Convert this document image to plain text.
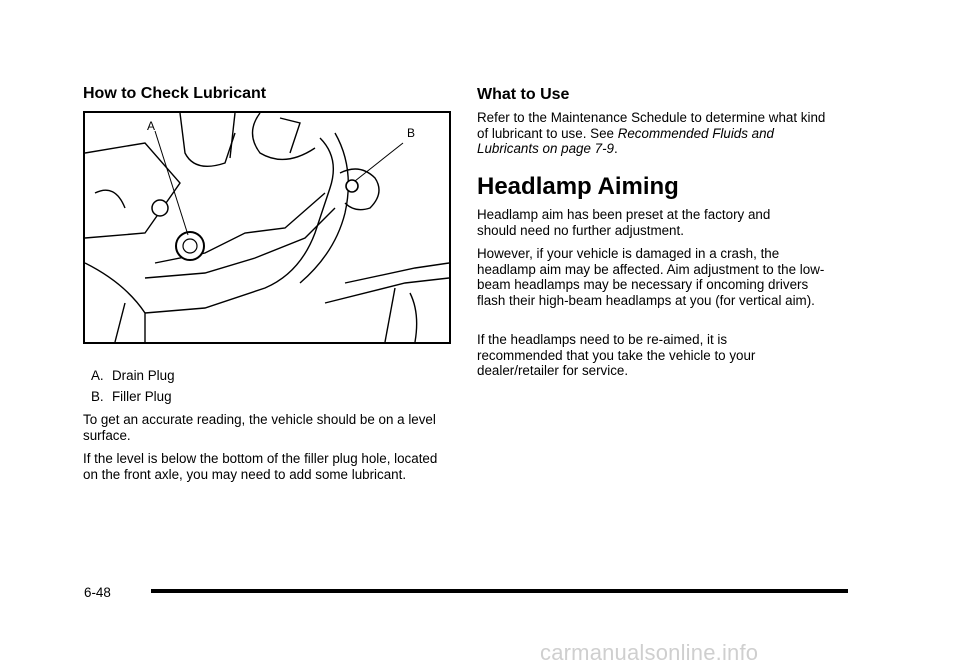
How to Check Lubricant
A	B
A. Drain Plug
B. Filler Plug

To get an accurate reading, the vehicle should be on a level surface.

If the level is below the bottom of the filler plug hole, located on the front axle, you may need to add some lubricant.

What to Use

Refer to the Maintenance Schedule to determine what kind of lubricant to use. See Recommended Fluids and Lubricants on page 7-9.

Headlamp Aiming

Headlamp aim has been preset at the factory and should need no further adjustment.

However, if your vehicle is damaged in a crash, the headlamp aim may be affected. Aim adjustment to the low-beam headlamps may be necessary if oncoming drivers flash their high-beam headlamps at you (for vertical aim).

If the headlamps need to be re-aimed, it is recommended that you take the vehicle to your dealer/retailer for service.

6-48
carmanualsonline.info
